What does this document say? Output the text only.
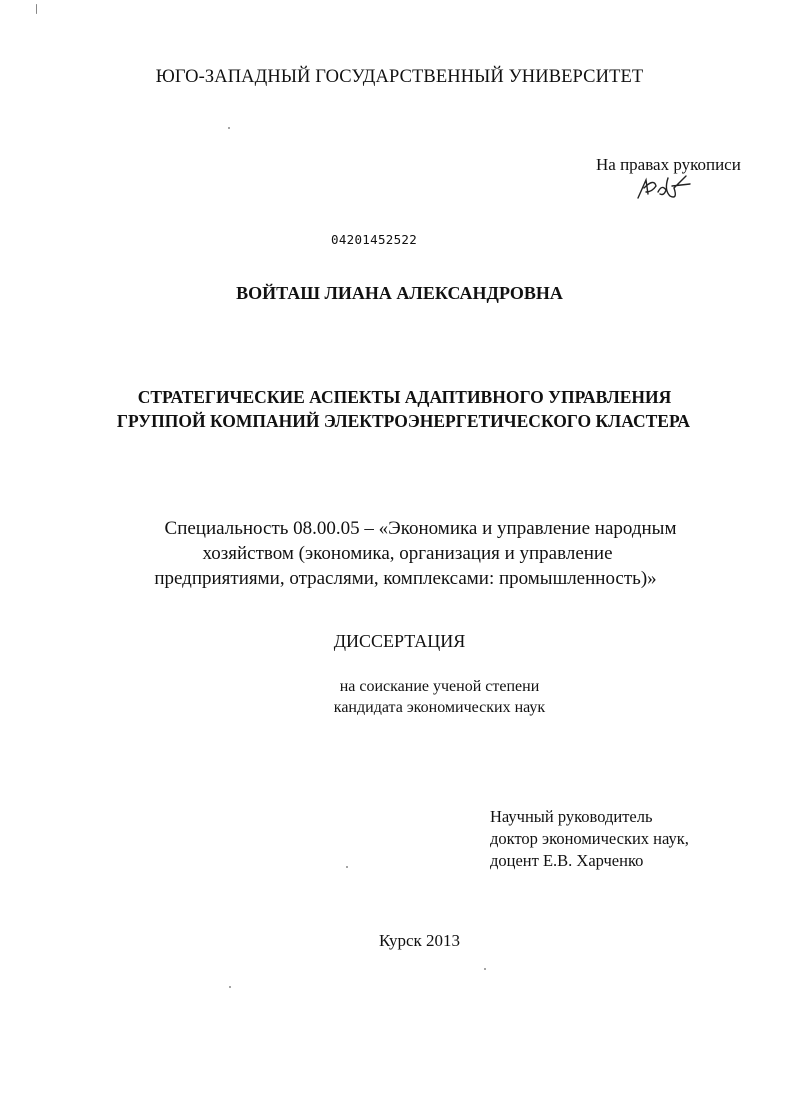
ЮГО-ЗАПАДНЫЙ ГОСУДАРСТВЕННЫЙ УНИВЕРСИТЕТ
На правах рукописи
04201452522
ВОЙТАШ ЛИАНА АЛЕКСАНДРОВНА
СТРАТЕГИЧЕСКИЕ АСПЕКТЫ АДАПТИВНОГО УПРАВЛЕНИЯ
ГРУППОЙ КОМПАНИЙ ЭЛЕКТРОЭНЕРГЕТИЧЕСКОГО КЛАСТЕРА
Специальность 08.00.05 – «Экономика и управление народным
хозяйством (экономика, организация и управление
предприятиями, отраслями, комплексами: промышленность)»
ДИССЕРТАЦИЯ
на соискание ученой степени
кандидата экономических наук
Научный руководитель
доктор экономических наук,
доцент Е.В. Харченко
Курск 2013
